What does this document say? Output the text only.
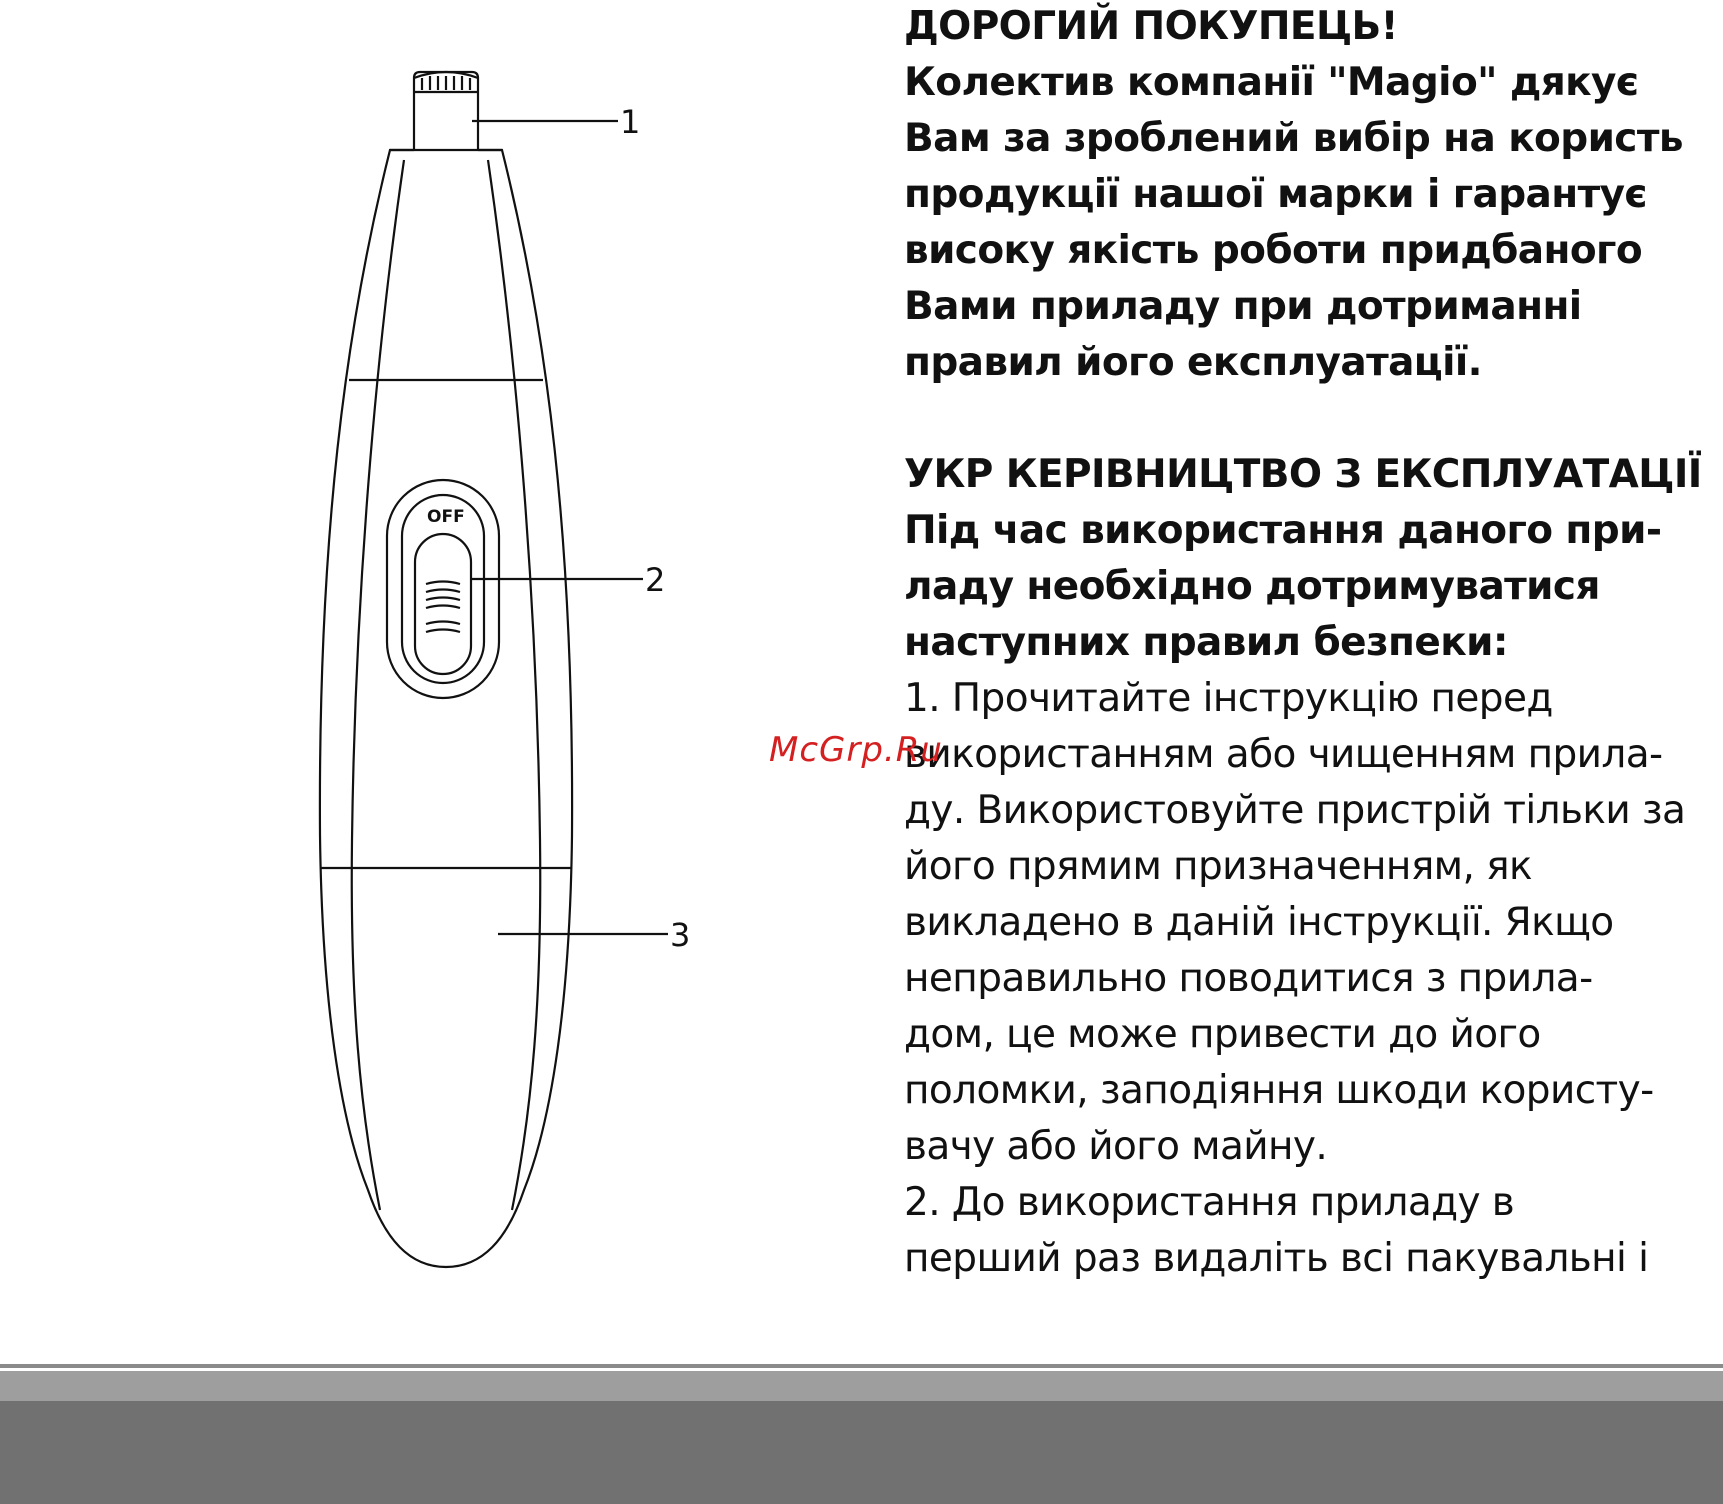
OFF
1
2
3
ДОРОГИЙ ПОКУПЕЦЬ!
Колектив компанії "Magio" дякує
Вам за зроблений вибір на користь
продукції нашої марки і гарантує
високу якість роботи придбаного
Вами приладу при дотриманні
правил його експлуатації.
УКР КЕРІВНИЦТВО З ЕКСПЛУАТАЦІЇ
Під час використання даного при-
ладу необхідно дотримуватися
наступних правил безпеки:
1. Прочитайте інструкцію перед
використанням або чищенням прила-
ду. Використовуйте пристрій тільки за
його прямим призначенням, як
викладено в даній інструкції. Якщо
неправильно поводитися з прила-
дом, це може привести до його
поломки, заподіяння шкоди користу-
вачу або його майну.
2. До використання приладу в
перший раз видаліть всі пакувальні і
McGrp.Ru
